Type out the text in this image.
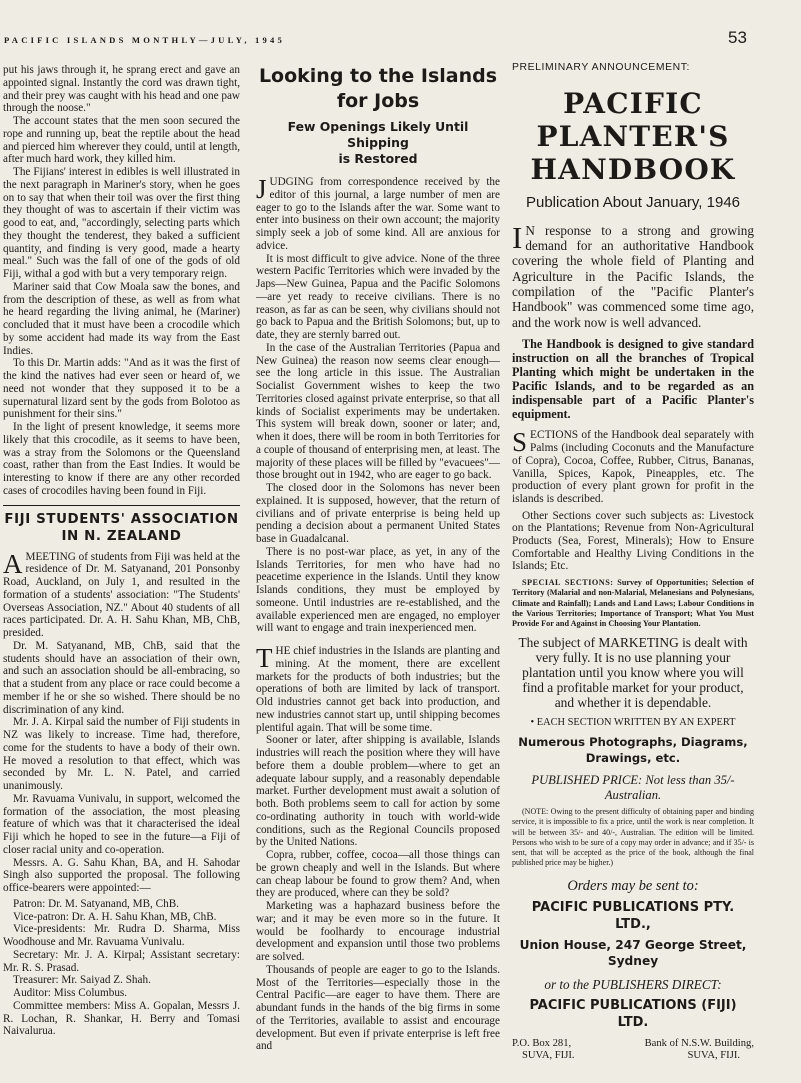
PACIFIC ISLANDS MONTHLY—JULY, 1945	53

put his jaws through it, he sprang erect and gave an appointed signal. Instantly the cord was drawn tight, and their prey was caught with his head and one paw through the noose."

The account states that the men soon secured the rope and running up, beat the reptile about the head and pierced him wherever they could, until at length, after much hard work, they killed him.

The Fijians' interest in edibles is well illustrated in the next paragraph in Mariner's story, when he goes on to say that when their toil was over the first thing they thought of was to ascertain if their victim was good to eat, and, "accordingly, selecting parts which they thought the tenderest, they baked a sufficient quantity, and finding is very good, made a hearty meal." Such was the fall of one of the gods of old Fiji, withal a god with but a very temporary reign.

Mariner said that Cow Moala saw the bones, and from the description of these, as well as from what he heard regarding the living animal, he (Mariner) concluded that it must have been a crocodile which by some accident had made its way from the East Indies.

To this Dr. Martin adds: "And as it was the first of the kind the natives had ever seen or heard of, we need not wonder that they supposed it to be a supernatural lizard sent by the gods from Bolotoo as punishment for their sins."

In the light of present knowledge, it seems more likely that this crocodile, as it seems to have been, was a stray from the Solomons or the Queensland coast, rather than from the East Indies. It would be interesting to know if there are any other recorded cases of crocodiles having been found in Fiji.

FIJI STUDENTS' ASSOCIATION
IN N. ZEALAND

AMEETING of students from Fiji was held at the residence of Dr. M. Satyanand, 201 Ponsonby Road, Auckland, on July 1, and resulted in the formation of a students' association: "The Students' Overseas Association, NZ." About 40 students of all races participated. Dr. A. H. Sahu Khan, MB, ChB, presided.

Dr. M. Satyanand, MB, ChB, said that the students should have an association of their own, and such an association should be all-embracing, so that a student from any place or race could become a member if he or she so wished. There should be no discrimination of any kind.

Mr. J. A. Kirpal said the number of Fiji students in NZ was likely to increase. Time had, therefore, come for the students to have a body of their own. He moved a resolution to that effect, which was seconded by Mr. L. N. Patel, and carried unanimously.

Mr. Ravuama Vunivalu, in support, welcomed the formation of the association, the most pleasing feature of which was that it characterised the ideal Fiji which he hoped to see in the future—a Fiji of closer racial unity and co-operation.

Messrs. A. G. Sahu Khan, BA, and H. Sahodar Singh also supported the proposal. The following office-bearers were appointed:—

Patron: Dr. M. Satyanand, MB, ChB.

Vice-patron: Dr. A. H. Sahu Khan, MB, ChB.

Vice-presidents: Mr. Rudra D. Sharma, Miss Woodhouse and Mr. Ravuama Vunivalu.

Secretary: Mr. J. A. Kirpal; Assistant secretary: Mr. R. S. Prasad.

Treasurer: Mr. Saiyad Z. Shah.

Auditor: Miss Columbus.

Committee members: Miss A. Gopalan, Messrs J. R. Lochan, R. Shankar, H. Berry and Tomasi Naivalurua.

Looking to the Islands
for Jobs
Few Openings Likely Until Shipping
is Restored

JUDGING from correspondence received by the editor of this journal, a large number of men are eager to go to the Islands after the war. Some want to enter into business on their own account; the majority simply seek a job of some kind. All are anxious for advice.

It is most difficult to give advice. None of the three western Pacific Territories which were invaded by the Japs—New Guinea, Papua and the Pacific Solomons—are yet ready to receive civilians. There is no reason, as far as can be seen, why civilians should not go back to Papua and the British Solomons; but, up to date, they are sternly barred out.

In the case of the Australian Territories (Papua and New Guinea) the reason now seems clear enough—see the long article in this issue. The Australian Socialist Government wishes to keep the two Territories closed against private enterprise, so that all kinds of Socialist experiments may be undertaken. This system will break down, sooner or later; and, when it does, there will be room in both Territories for a couple of thousand of enterprising men, at least. The majority of these places will be filled by "evacuees"—those brought out in 1942, who are eager to go back.

The closed door in the Solomons has never been explained. It is supposed, however, that the return of civilians and of private enterprise is being held up pending a decision about a permanent United States base in Guadalcanal.

There is no post-war place, as yet, in any of the Islands Territories, for men who have had no peacetime experience in the Islands. Until they know Islands conditions, they must be employed by someone. Until industries are re-established, and the available experienced men are engaged, no employer will want to engage and train inexperienced men.

THE chief industries in the Islands are planting and mining. At the moment, there are excellent markets for the products of both industries; but the operations of both are limited by lack of transport. Old industries cannot get back into production, and new industries cannot start up, until shipping becomes plentiful again. That will be some time.

Sooner or later, after shipping is available, Islands industries will reach the position where they will have before them a double problem—where to get an adequate labour supply, and a reasonably dependable market. Further development must await a solution of both. Both problems seem to call for action by some co-ordinating authority in touch with world-wide conditions, such as the Regional Councils proposed by the United Nations.

Copra, rubber, coffee, cocoa—all those things can be grown cheaply and well in the Islands. But where can cheap labour be found to grow them? And, when they are produced, where can they be sold?

Marketing was a haphazard business before the war; and it may be even more so in the future. It would be foolhardy to encourage industrial development and expansion until those two problems are solved.

Thousands of people are eager to go to the Islands. Most of the Territories—especially those in the Central Pacific—are eager to have them. There are abundant funds in the hands of the big firms in some of the Territories, available to assist and encourage development. But even if private enterprise is left free and

PRELIMINARY ANNOUNCEMENT:
PACIFIC
PLANTER'S
HANDBOOK
Publication About January, 1946

I N response to a strong and growing demand for an authoritative Handbook covering the whole field of Planting and Agriculture in the Pacific Islands, the compilation of the "Pacific Planter's Handbook" was commenced some time ago, and the work now is well advanced.

The Handbook is designed to give standard instruction on all the branches of Tropical Planting which might be undertaken in the Pacific Islands, and to be regarded as an indispensable part of a Pacific Planter's equipment.

SECTIONS of the Handbook deal separately with Palms (including Coconuts and the Manufacture of Copra), Cocoa, Coffee, Rubber, Citrus, Bananas, Vanilla, Spices, Kapok, Pineapples, etc. The production of every plant grown for profit in the islands is described.

Other Sections cover such subjects as: Livestock on the Plantations; Revenue from Non-Agricultural Products (Sea, Forest, Minerals); How to Ensure Comfortable and Healthy Living Conditions in the Islands; Etc.

SPECIAL SECTIONS: Survey of Opportunities; Selection of Territory (Malarial and non-Malarial, Melanesians and Polynesians, Climate and Rainfall); Lands and Land Laws; Labour Conditions in the Various Territories; Importance of Transport; What You Must Provide For and Against in Choosing Your Plantation.

The subject of MARKETING is dealt with very fully. It is no use planning your plantation until you know where you will find a profitable market for your product, and whether it is dependable.
• EACH SECTION WRITTEN BY AN EXPERT
Numerous Photographs, Diagrams, Drawings, etc.
PUBLISHED PRICE: Not less than 35/- Australian.

(NOTE: Owing to the present difficulty of obtaining paper and binding service, it is impossible to fix a price, until the work is near completion. It will be between 35/- and 40/-, Australian. The edition will be limited. Persons who wish to be sure of a copy may order in advance; and if 35/- is sent, that will be accepted as the price of the book, although the final published price may be higher.)

Orders may be sent to:
PACIFIC PUBLICATIONS PTY. LTD.,
Union House, 247 George Street,
Sydney
or to the PUBLISHERS DIRECT:
PACIFIC PUBLICATIONS (FIJI) LTD.
P.O. Box 281,	Bank of N.S.W. Building,
SUVA, FIJI.	SUVA, FIJI.
